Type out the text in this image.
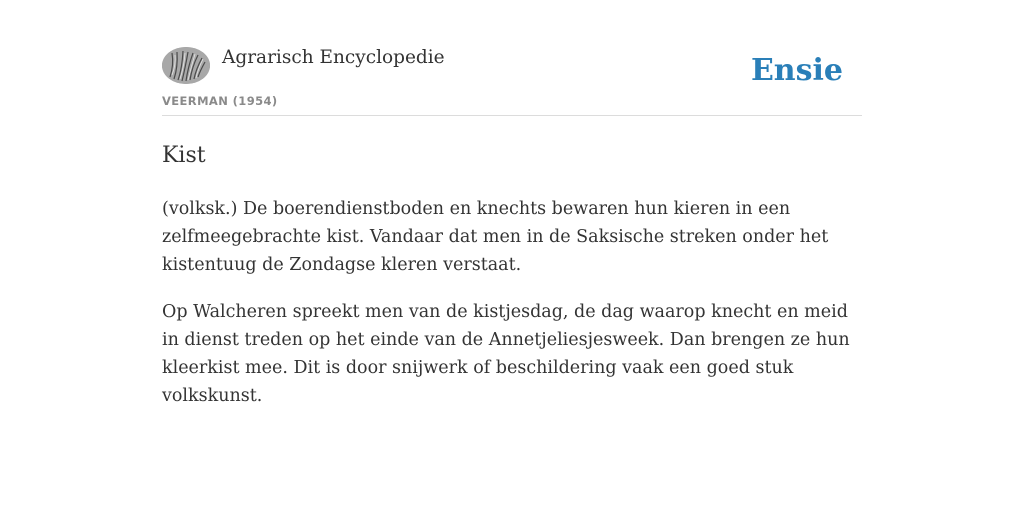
Agrarisch Encyclopedie
VEERMAN (1954)
Ensie
Kist

(volksk.) De boerendienstboden en knechts bewaren hun kieren in een zelfmeegebrachte kist. Vandaar dat men in de Saksische streken onder het kistentuug de Zondagse kleren verstaat.

Op Walcheren spreekt men van de kistjesdag, de dag waarop knecht en meid in dienst treden op het einde van de Annetjeliesjesweek. Dan brengen ze hun kleerkist mee. Dit is door snijwerk of beschildering vaak een goed stuk volkskunst.
